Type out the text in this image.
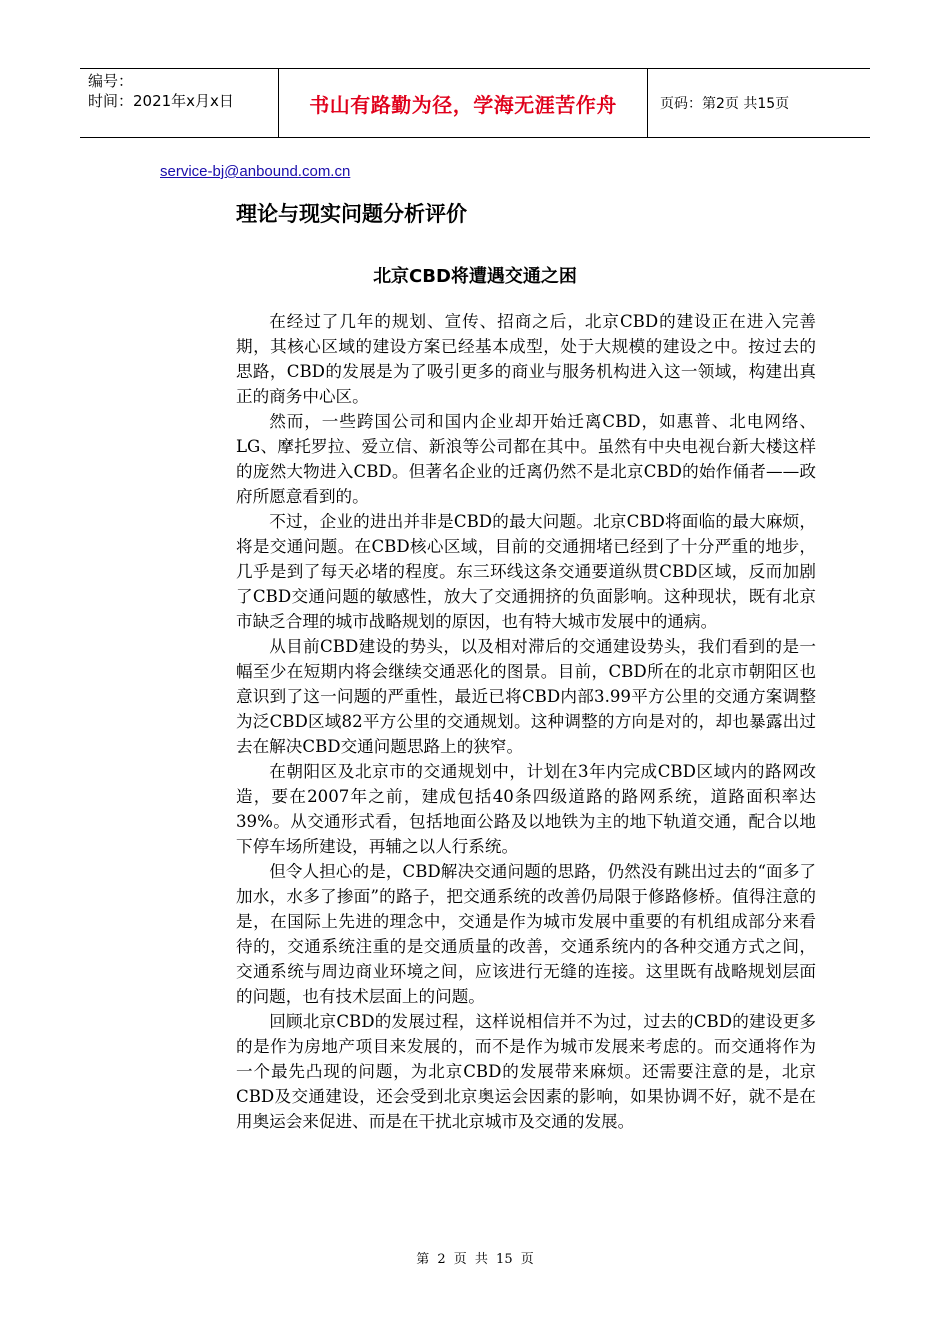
编号：
时间：2021年x月x日	书山有路勤为径，学海无涯苦作舟	页码：第2页 共15页
service-bj@anbound.com.cn
理论与现实问题分析评价
北京CBD将遭遇交通之困

在经过了几年的规划、宣传、招商之后，北京CBD的建设正在进入完善期，其核心区域的建设方案已经基本成型，处于大规模的建设之中。按过去的思路，CBD的发展是为了吸引更多的商业与服务机构进入这一领域，构建出真正的商务中心区。

然而，一些跨国公司和国内企业却开始迁离CBD，如惠普、北电网络、LG、摩托罗拉、爱立信、新浪等公司都在其中。虽然有中央电视台新大楼这样的庞然大物进入CBD。但著名企业的迁离仍然不是北京CBD的始作俑者——政府所愿意看到的。

不过，企业的进出并非是CBD的最大问题。北京CBD将面临的最大麻烦，将是交通问题。在CBD核心区域，目前的交通拥堵已经到了十分严重的地步，几乎是到了每天必堵的程度。东三环线这条交通要道纵贯CBD区域，反而加剧了CBD交通问题的敏感性，放大了交通拥挤的负面影响。这种现状，既有北京市缺乏合理的城市战略规划的原因，也有特大城市发展中的通病。

从目前CBD建设的势头，以及相对滞后的交通建设势头，我们看到的是一幅至少在短期内将会继续交通恶化的图景。目前，CBD所在的北京市朝阳区也意识到了这一问题的严重性，最近已将CBD内部3.99平方公里的交通方案调整为泛CBD区域82平方公里的交通规划。这种调整的方向是对的，却也暴露出过去在解决CBD交通问题思路上的狭窄。

在朝阳区及北京市的交通规划中，计划在3年内完成CBD区域内的路网改造，要在2007年之前，建成包括40条四级道路的路网系统，道路面积率达39%。从交通形式看，包括地面公路及以地铁为主的地下轨道交通，配合以地下停车场所建设，再辅之以人行系统。

但令人担心的是，CBD解决交通问题的思路，仍然没有跳出过去的“面多了加水，水多了掺面”的路子，把交通系统的改善仍局限于修路修桥。值得注意的是，在国际上先进的理念中，交通是作为城市发展中重要的有机组成部分来看待的，交通系统注重的是交通质量的改善，交通系统内的各种交通方式之间，交通系统与周边商业环境之间，应该进行无缝的连接。这里既有战略规划层面的问题，也有技术层面上的问题。

回顾北京CBD的发展过程，这样说相信并不为过，过去的CBD的建设更多的是作为房地产项目来发展的，而不是作为城市发展来考虑的。而交通将作为一个最先凸现的问题，为北京CBD的发展带来麻烦。还需要注意的是，北京CBD及交通建设，还会受到北京奥运会因素的影响，如果协调不好，就不是在用奥运会来促进、而是在干扰北京城市及交通的发展。

第 2 页 共 15 页
